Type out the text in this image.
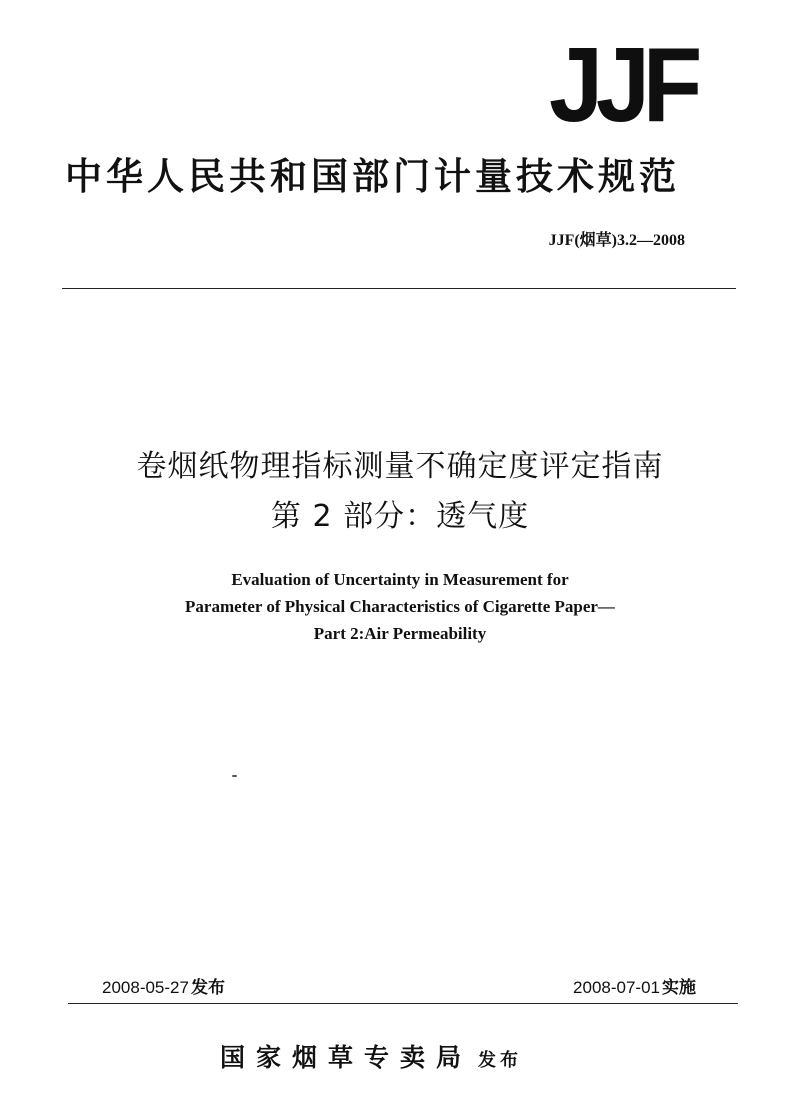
JJF
中华人民共和国部门计量技术规范
JJF(烟草)3.2—2008
卷烟纸物理指标测量不确定度评定指南
第 2 部分：透气度
Evaluation of Uncertainty in Measurement for
Parameter of Physical Characteristics of Cigarette Paper—
Part 2:Air Permeability
2008-05-27 发布	2008-07-01 实施
国家烟草专卖局 发布
